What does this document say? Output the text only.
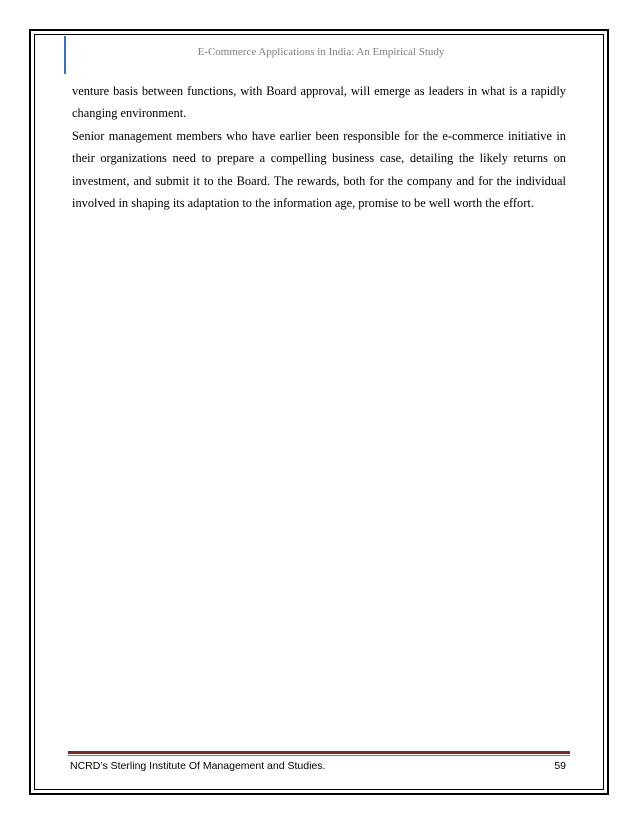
E-Commerce Applications in India: An Empirical Study

venture basis between functions, with Board approval, will emerge as leaders in what is a rapidly changing environment.

Senior management members who have earlier been responsible for the e-commerce initiative in their organizations need to prepare a compelling business case, detailing the likely returns on investment, and submit it to the Board. The rewards, both for the company and for the individual involved in shaping its adaptation to the information age, promise to be well worth the effort.

NCRD’s Sterling Institute Of Management and Studies.	59
